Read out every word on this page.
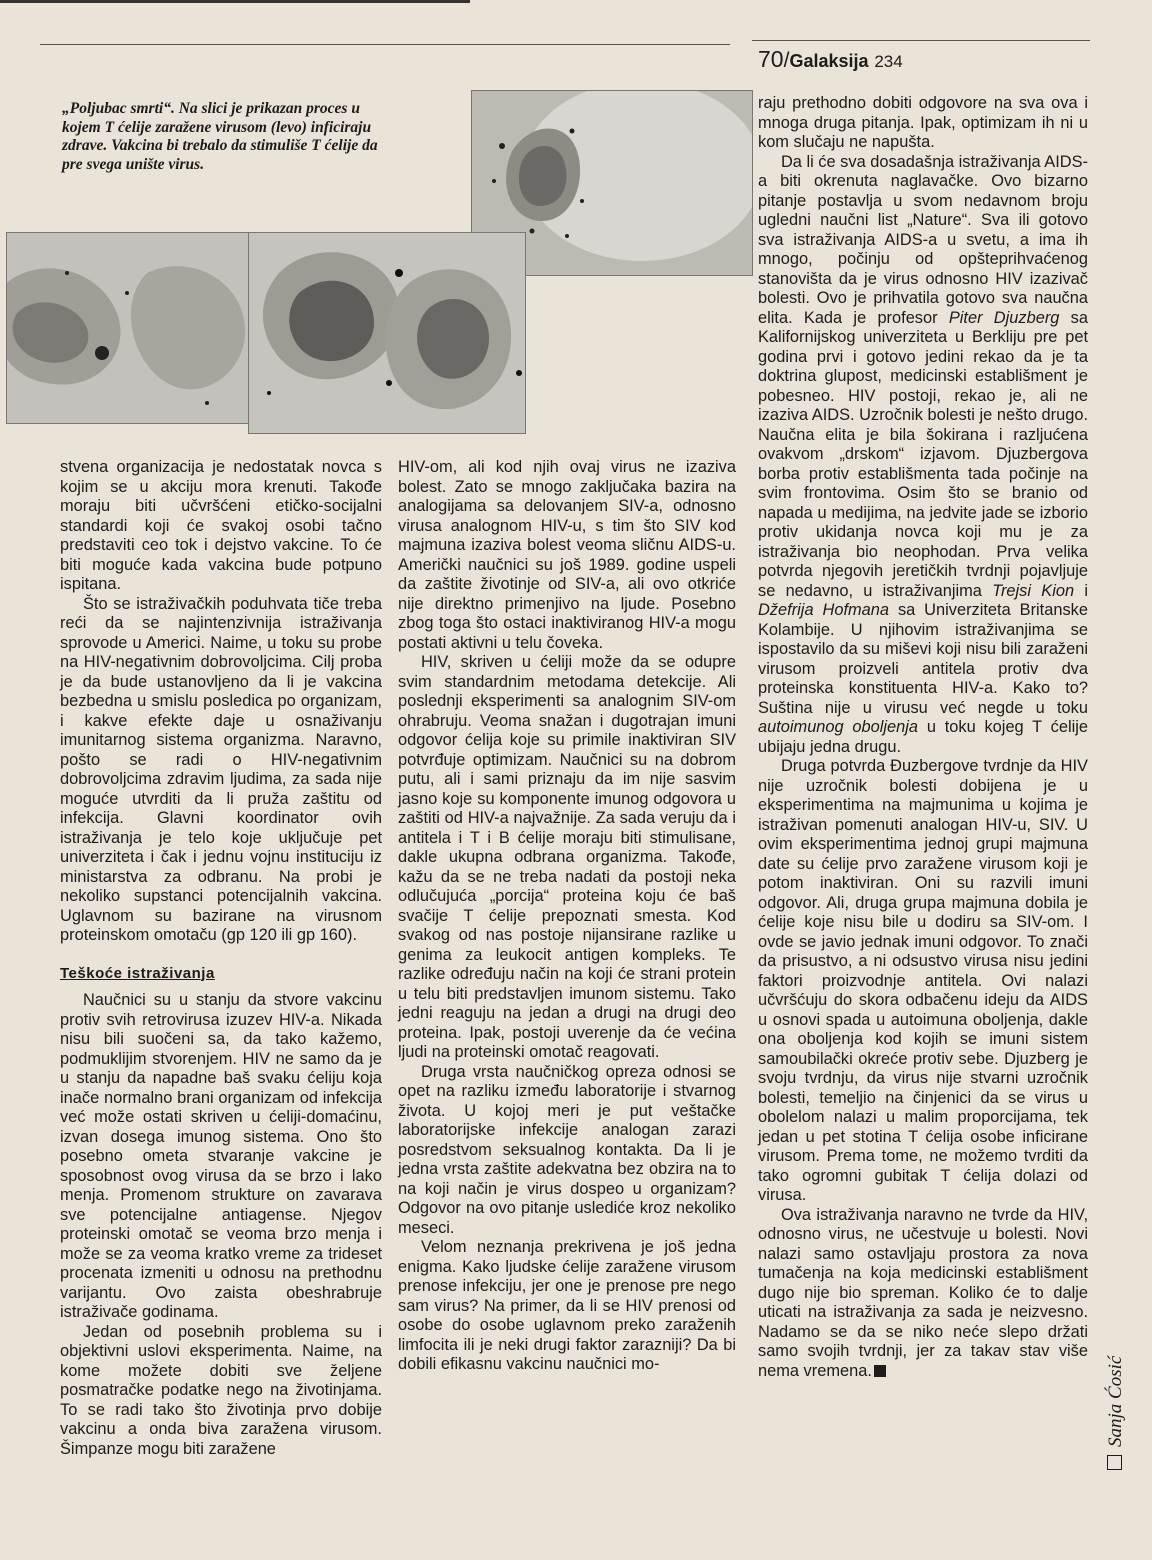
70/Galaksija 234

„Poljubac smrti“. Na slici je prikazan proces u kojem T ćelije zaražene virusom (levo) inficiraju zdrave. Vakcina bi trebalo da stimuliše T ćelije da pre svega unište virus.

stvena organizacija je nedostatak novca s kojim se u akciju mora krenuti. Takođe moraju biti učvršćeni etičko-socijalni standardi koji će svakoj osobi tačno predstaviti ceo tok i dejstvo vakcine. To će biti moguće kada vakcina bude potpuno ispitana.

Što se istraživačkih poduhvata tiče treba reći da se najintenzivnija istraživanja sprovode u Americi. Naime, u toku su probe na HIV-negativnim dobrovoljcima. Cilj proba je da bude ustanovljeno da li je vakcina bezbedna u smislu posledica po organizam, i kakve efekte daje u osnaživanju imunitarnog sistema organizma. Naravno, pošto se radi o HIV-negativnim dobrovoljcima zdravim ljudima, za sada nije moguće utvrditi da li pruža zaštitu od infekcija. Glavni koordinator ovih istraživanja je telo koje uključuje pet univerziteta i čak i jednu vojnu instituciju iz ministarstva za odbranu. Na probi je nekoliko supstanci potencijalnih vakcina. Uglavnom su bazirane na virusnom proteinskom omotaču (gp 120 ili gp 160).

Teškoće istraživanja

Naučnici su u stanju da stvore vakcinu protiv svih retrovirusa izuzev HIV-a. Nikada nisu bili suočeni sa, da tako kažemo, podmuklijim stvorenjem. HIV ne samo da je u stanju da napadne baš svaku ćeliju koja inače normalno brani organizam od infekcija već može ostati skriven u ćeliji-domaćinu, izvan dosega imunog sistema. Ono što posebno ometa stvaranje vakcine je sposobnost ovog virusa da se brzo i lako menja. Promenom strukture on zavarava sve potencijalne antiagense. Njegov proteinski omotač se veoma brzo menja i može se za veoma kratko vreme za trideset procenata izmeniti u odnosu na prethodnu varijantu. Ovo zaista obeshrabruje istraživače godinama.

Jedan od posebnih problema su i objektivni uslovi eksperimenta. Naime, na kome možete dobiti sve željene posmatračke podatke nego na životinjama. To se radi tako što životinja prvo dobije vakcinu a onda biva zaražena virusom. Šimpanze mogu biti zaražene

HIV-om, ali kod njih ovaj virus ne izaziva bolest. Zato se mnogo zaključaka bazira na analogijama sa delovanjem SIV-a, odnosno virusa analognom HIV-u, s tim što SIV kod majmuna izaziva bolest veoma sličnu AIDS-u. Američki naučnici su još 1989. godine uspeli da zaštite životinje od SIV-a, ali ovo otkriće nije direktno primenjivo na ljude. Posebno zbog toga što ostaci inaktiviranog HIV-a mogu postati aktivni u telu čoveka.

HIV, skriven u ćeliji može da se odupre svim standardnim metodama detekcije. Ali poslednji eksperimenti sa analognim SIV-om ohrabruju. Veoma snažan i dugotrajan imuni odgovor ćelija koje su primile inaktiviran SIV potvrđuje optimizam. Naučnici su na dobrom putu, ali i sami priznaju da im nije sasvim jasno koje su komponente imunog odgovora u zaštiti od HIV-a najvažnije. Za sada veruju da i antitela i T i B ćelije moraju biti stimulisane, dakle ukupna odbrana organizma. Takođe, kažu da se ne treba nadati da postoji neka odlučujuća „porcija“ proteina koju će baš svačije T ćelije prepoznati smesta. Kod svakog od nas postoje nijansirane razlike u genima za leukocit antigen kompleks. Te razlike određuju način na koji će strani protein u telu biti predstavljen imunom sistemu. Tako jedni reaguju na jedan a drugi na drugi deo proteina. Ipak, postoji uverenje da će većina ljudi na proteinski omotač reagovati.

Druga vrsta naučničkog opreza odnosi se opet na razliku između laboratorije i stvarnog života. U kojoj meri je put veštačke laboratorijske infekcije analogan zarazi posredstvom seksualnog kontakta. Da li je jedna vrsta zaštite adekvatna bez obzira na to na koji način je virus dospeo u organizam? Odgovor na ovo pitanje uslediće kroz nekoliko meseci.

Velom neznanja prekrivena je još jedna enigma. Kako ljudske ćelije zaražene virusom prenose infekciju, jer one je prenose pre nego sam virus? Na primer, da li se HIV prenosi od osobe do osobe uglavnom preko zaraženih limfocita ili je neki drugi faktor zarazniji? Da bi dobili efikasnu vakcinu naučnici mo-

raju prethodno dobiti odgovore na sva ova i mnoga druga pitanja. Ipak, optimizam ih ni u kom slučaju ne napušta.

Da li će sva dosadašnja istraživanja AIDS-a biti okrenuta naglavačke. Ovo bizarno pitanje postavlja u svom nedavnom broju ugledni naučni list „Nature“. Sva ili gotovo sva istraživanja AIDS-a u svetu, a ima ih mnogo, počinju od opšteprihvaćenog stanovišta da je virus odnosno HIV izazivač bolesti. Ovo je prihvatila gotovo sva naučna elita. Kada je profesor Piter Djuzberg sa Kalifornijskog univerziteta u Berkliju pre pet godina prvi i gotovo jedini rekao da je ta doktrina glupost, medicinski establišment je pobesneo. HIV postoji, rekao je, ali ne izaziva AIDS. Uzročnik bolesti je nešto drugo. Naučna elita je bila šokirana i razljućena ovakvom „drskom“ izjavom. Djuzbergova borba protiv establišmenta tada počinje na svim frontovima. Osim što se branio od napada u medijima, na jedvite jade se izborio protiv ukidanja novca koji mu je za istraživanja bio neophodan. Prva velika potvrda njegovih jeretičkih tvrdnji pojavljuje se nedavno, u istraživanjima Trejsi Kion i Džefrija Hofmana sa Univerziteta Britanske Kolambije. U njihovim istraživanjima se ispostavilo da su miševi koji nisu bili zaraženi virusom proizveli antitela protiv dva proteinska konstituenta HIV-a. Kako to? Suština nije u virusu već negde u toku autoimunog oboljenja u toku kojeg T ćelije ubijaju jedna drugu.

Druga potvrda Đuzbergove tvrdnje da HIV nije uzročnik bolesti dobijena je u eksperimentima na majmunima u kojima je istraživan pomenuti analogan HIV-u, SIV. U ovim eksperimentima jednoj grupi majmuna date su ćelije prvo zaražene virusom koji je potom inaktiviran. Oni su razvili imuni odgovor. Ali, druga grupa majmuna dobila je ćelije koje nisu bile u dodiru sa SIV-om. I ovde se javio jednak imuni odgovor. To znači da prisustvo, a ni odsustvo virusa nisu jedini faktori proizvodnje antitela. Ovi nalazi učvršćuju do skora odbačenu ideju da AIDS u osnovi spada u autoimuna oboljenja, dakle ona oboljenja kod kojih se imuni sistem samoubilački okreće protiv sebe. Djuzberg je svoju tvrdnju, da virus nije stvarni uzročnik bolesti, temeljio na činjenici da se virus u obolelom nalazi u malim proporcijama, tek jedan u pet stotina T ćelija osobe inficirane virusom. Prema tome, ne možemo tvrditi da tako ogromni gubitak T ćelija dolazi od virusa.

Ova istraživanja naravno ne tvrde da HIV, odnosno virus, ne učestvuje u bolesti. Novi nalazi samo ostavljaju prostora za nova tumačenja na koja medicinski establišment dugo nije bio spreman. Koliko će to dalje uticati na istraživanja za sada je neizvesno. Nadamo se da se niko neće slepo držati samo svojih tvrdnji, jer za takav stav više nema vremena.	Sanja Ćosić
